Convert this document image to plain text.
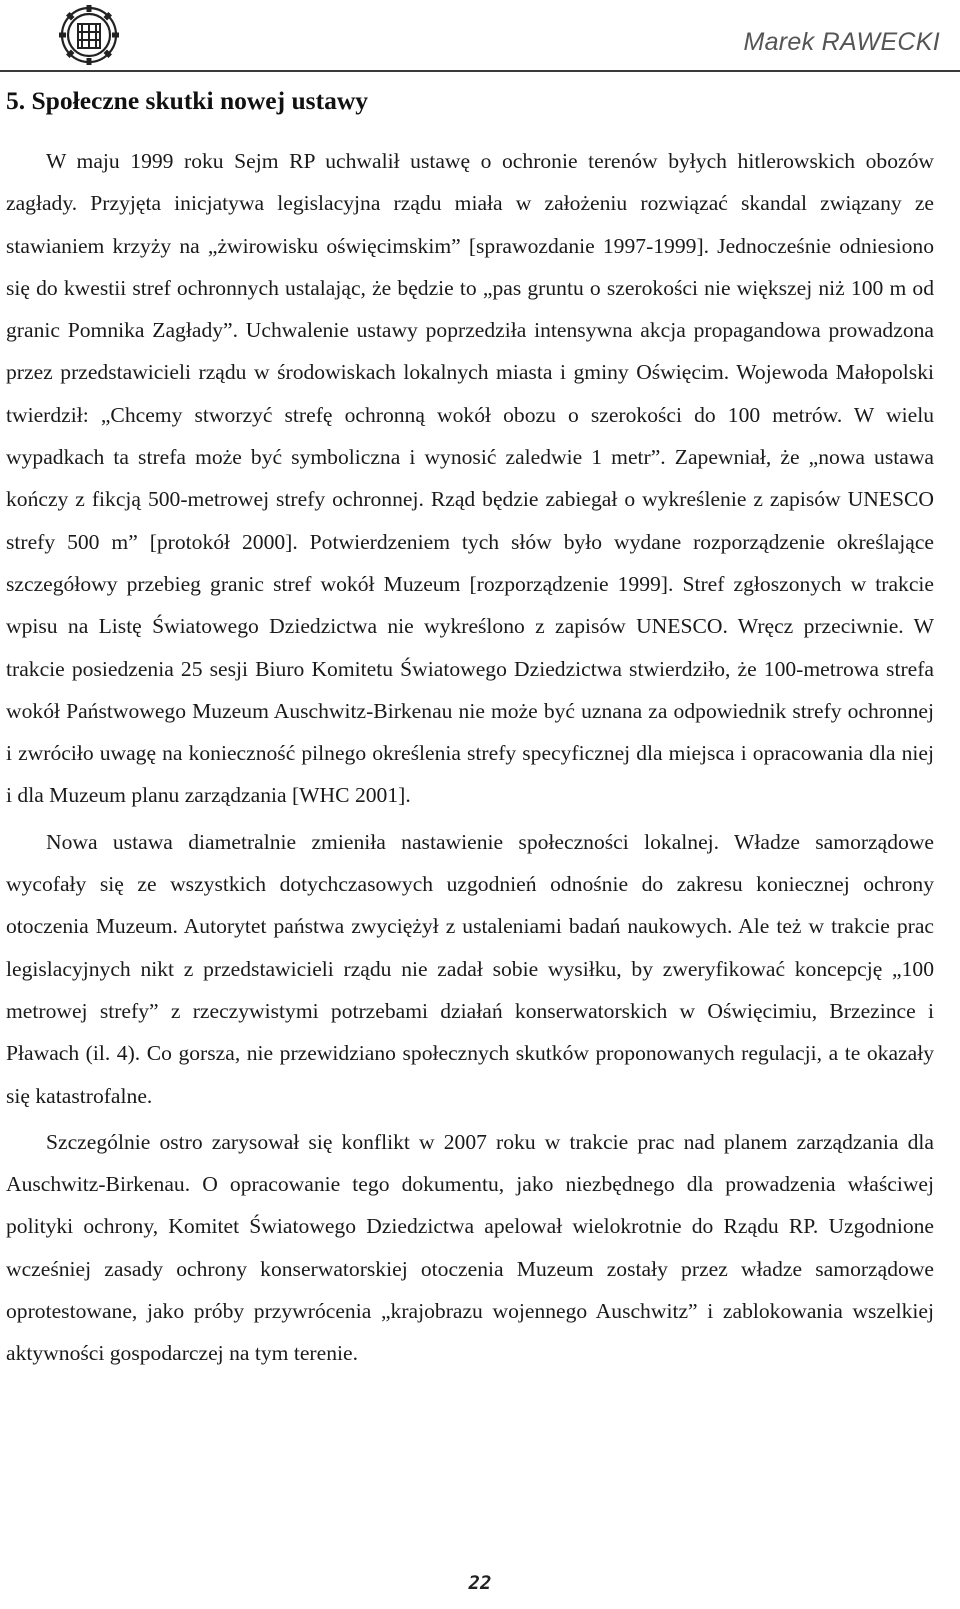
Marek RAWECKI
5. Społeczne skutki nowej ustawy

W maju 1999 roku Sejm RP uchwalił ustawę o ochronie terenów byłych hitlerowskich obozów zagłady. Przyjęta inicjatywa legislacyjna rządu miała w założeniu rozwiązać skandal związany ze stawianiem krzyży na „żwirowisku oświęcimskim” [sprawozdanie 1997-1999]. Jednocześnie odniesiono się do kwestii stref ochronnych ustalając, że będzie to „pas gruntu o szerokości nie większej niż 100 m od granic Pomnika Zagłady”. Uchwalenie ustawy poprzedziła intensywna akcja propagandowa prowadzona przez przedstawicieli rządu w środowiskach lokalnych miasta i gminy Oświęcim. Wojewoda Małopolski twierdził: „Chcemy stworzyć strefę ochronną wokół obozu o szerokości do 100 metrów. W wielu wypadkach ta strefa może być symboliczna i wynosić zaledwie 1 metr”. Zapewniał, że „nowa ustawa kończy z fikcją 500-metrowej strefy ochronnej. Rząd będzie zabiegał o wykreślenie z zapisów UNESCO strefy 500 m” [protokół 2000]. Potwierdzeniem tych słów było wydane rozporządzenie określające szczegółowy przebieg granic stref wokół Muzeum [rozporządzenie 1999]. Stref zgłoszonych w trakcie wpisu na Listę Światowego Dziedzictwa nie wykreślono z zapisów UNESCO. Wręcz przeciwnie. W trakcie posiedzenia 25 sesji Biuro Komitetu Światowego Dziedzictwa stwierdziło, że 100-metrowa strefa wokół Państwowego Muzeum Auschwitz-Birkenau nie może być uznana za odpowiednik strefy ochronnej i zwróciło uwagę na konieczność pilnego określenia strefy specyficznej dla miejsca i opracowania dla niej i dla Muzeum planu zarządzania [WHC 2001].

Nowa ustawa diametralnie zmieniła nastawienie społeczności lokalnej. Władze samorządowe wycofały się ze wszystkich dotychczasowych uzgodnień odnośnie do zakresu koniecznej ochrony otoczenia Muzeum. Autorytet państwa zwyciężył z ustaleniami badań naukowych. Ale też w trakcie prac legislacyjnych nikt z przedstawicieli rządu nie zadał sobie wysiłku, by zweryfikować koncepcję „100 metrowej strefy” z rzeczywistymi potrzebami działań konserwatorskich w Oświęcimiu, Brzezince i Pławach (il. 4). Co gorsza, nie przewidziano społecznych skutków proponowanych regulacji, a te okazały się katastrofalne.

Szczególnie ostro zarysował się konflikt w 2007 roku w trakcie prac nad planem zarządzania dla Auschwitz-Birkenau. O opracowanie tego dokumentu, jako niezbędnego dla prowadzenia właściwej polityki ochrony, Komitet Światowego Dziedzictwa apelował wielokrotnie do Rządu RP. Uzgodnione wcześniej zasady ochrony konserwatorskiej otoczenia Muzeum zostały przez władze samorządowe oprotestowane, jako próby przywrócenia „krajobrazu wojennego Auschwitz” i zablokowania wszelkiej aktywności gospodarczej na tym terenie.

22
